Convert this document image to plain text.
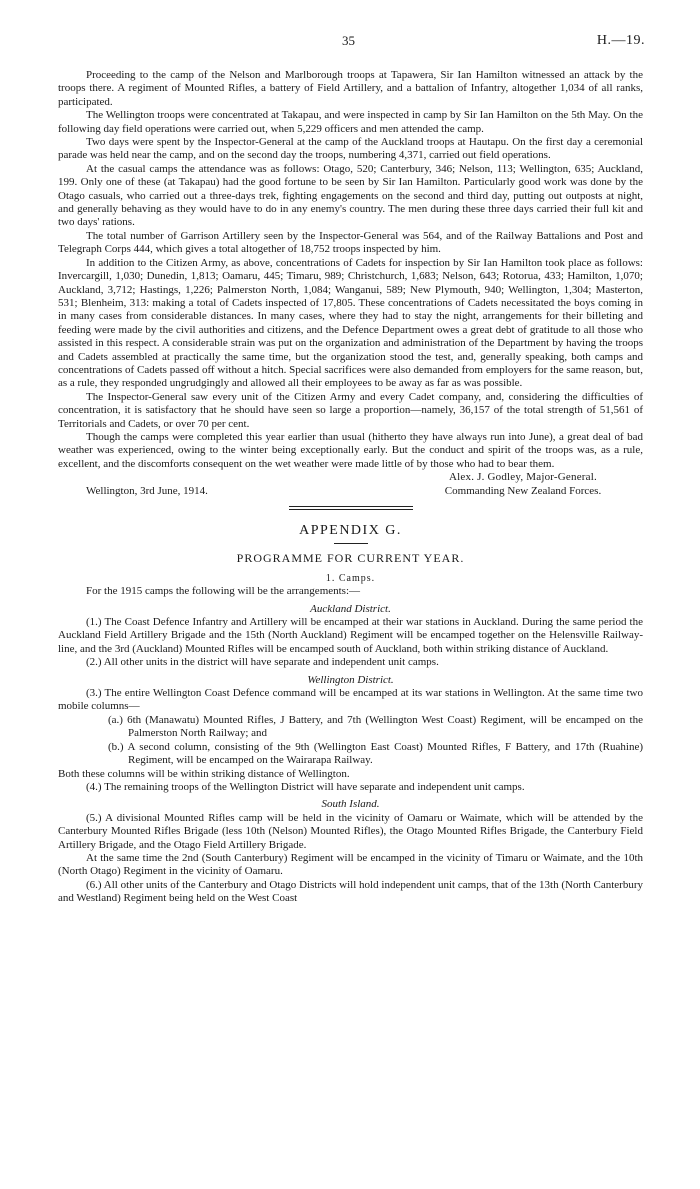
35	H.—19.

Proceeding to the camp of the Nelson and Marlborough troops at Tapawera, Sir Ian Hamilton witnessed an attack by the troops there. A regiment of Mounted Rifles, a battery of Field Artillery, and a battalion of Infantry, altogether 1,034 of all ranks, participated.

The Wellington troops were concentrated at Takapau, and were inspected in camp by Sir Ian Hamilton on the 5th May. On the following day field operations were carried out, when 5,229 officers and men attended the camp.

Two days were spent by the Inspector-General at the camp of the Auckland troops at Hautapu. On the first day a ceremonial parade was held near the camp, and on the second day the troops, numbering 4,371, carried out field operations.

At the casual camps the attendance was as follows: Otago, 520; Canterbury, 346; Nelson, 113; Wellington, 635; Auckland, 199. Only one of these (at Takapau) had the good fortune to be seen by Sir Ian Hamilton. Particularly good work was done by the Otago casuals, who carried out a three-days trek, fighting engagements on the second and third day, putting out outposts at night, and generally behaving as they would have to do in any enemy's country. The men during these three days carried their full kit and two days' rations.

The total number of Garrison Artillery seen by the Inspector-General was 564, and of the Railway Battalions and Post and Telegraph Corps 444, which gives a total altogether of 18,752 troops inspected by him.

In addition to the Citizen Army, as above, concentrations of Cadets for inspection by Sir Ian Hamilton took place as follows: Invercargill, 1,030; Dunedin, 1,813; Oamaru, 445; Timaru, 989; Christchurch, 1,683; Nelson, 643; Rotorua, 433; Hamilton, 1,070; Auckland, 3,712; Hastings, 1,226; Palmerston North, 1,084; Wanganui, 589; New Plymouth, 940; Wellington, 1,304; Masterton, 531; Blenheim, 313: making a total of Cadets inspected of 17,805. These concentrations of Cadets necessitated the boys coming in in many cases from considerable distances. In many cases, where they had to stay the night, arrangements for their billeting and feeding were made by the civil authorities and citizens, and the Defence Department owes a great debt of gratitude to all those who assisted in this respect. A considerable strain was put on the organization and administration of the Department by having the troops and Cadets assembled at practically the same time, but the organization stood the test, and, generally speaking, both camps and concentrations of Cadets passed off without a hitch. Special sacrifices were also demanded from employers for the same reason, but, as a rule, they responded ungrudgingly and allowed all their employees to be away as far as was possible.

The Inspector-General saw every unit of the Citizen Army and every Cadet company, and, considering the difficulties of concentration, it is satisfactory that he should have seen so large a proportion—namely, 36,157 of the total strength of 51,561 of Territorials and Cadets, or over 70 per cent.

Though the camps were completed this year earlier than usual (hitherto they have always run into June), a great deal of bad weather was experienced, owing to the winter being exceptionally early. But the conduct and spirit of the troops was, as a rule, excellent, and the discomforts consequent on the wet weather were made little of by those who had to bear them.

Alex. J. Godley, Major-General.
Wellington, 3rd June, 1914.	Commanding New Zealand Forces.
APPENDIX G.
PROGRAMME FOR CURRENT YEAR.
1. Camps.

For the 1915 camps the following will be the arrangements:—

Auckland District.

(1.) The Coast Defence Infantry and Artillery will be encamped at their war stations in Auckland. During the same period the Auckland Field Artillery Brigade and the 15th (North Auckland) Regiment will be encamped together on the Helensville Railway-line, and the 3rd (Auckland) Mounted Rifles will be encamped south of Auckland, both within striking distance of Auckland.

(2.) All other units in the district will have separate and independent unit camps.

Wellington District.

(3.) The entire Wellington Coast Defence command will be encamped at its war stations in Wellington. At the same time two mobile columns—

(a.) 6th (Manawatu) Mounted Rifles, J Battery, and 7th (Wellington West Coast) Regiment, will be encamped on the Palmerston North Railway; and

(b.) A second column, consisting of the 9th (Wellington East Coast) Mounted Rifles, F Battery, and 17th (Ruahine) Regiment, will be encamped on the Wairarapa Railway.

Both these columns will be within striking distance of Wellington.

(4.) The remaining troops of the Wellington District will have separate and independent unit camps.

South Island.

(5.) A divisional Mounted Rifles camp will be held in the vicinity of Oamaru or Waimate, which will be attended by the Canterbury Mounted Rifles Brigade (less 10th (Nelson) Mounted Rifles), the Otago Mounted Rifles Brigade, the Canterbury Field Artillery Brigade, and the Otago Field Artillery Brigade.

At the same time the 2nd (South Canterbury) Regiment will be encamped in the vicinity of Timaru or Waimate, and the 10th (North Otago) Regiment in the vicinity of Oamaru.

(6.) All other units of the Canterbury and Otago Districts will hold independent unit camps, that of the 13th (North Canterbury and Westland) Regiment being held on the West Coast
